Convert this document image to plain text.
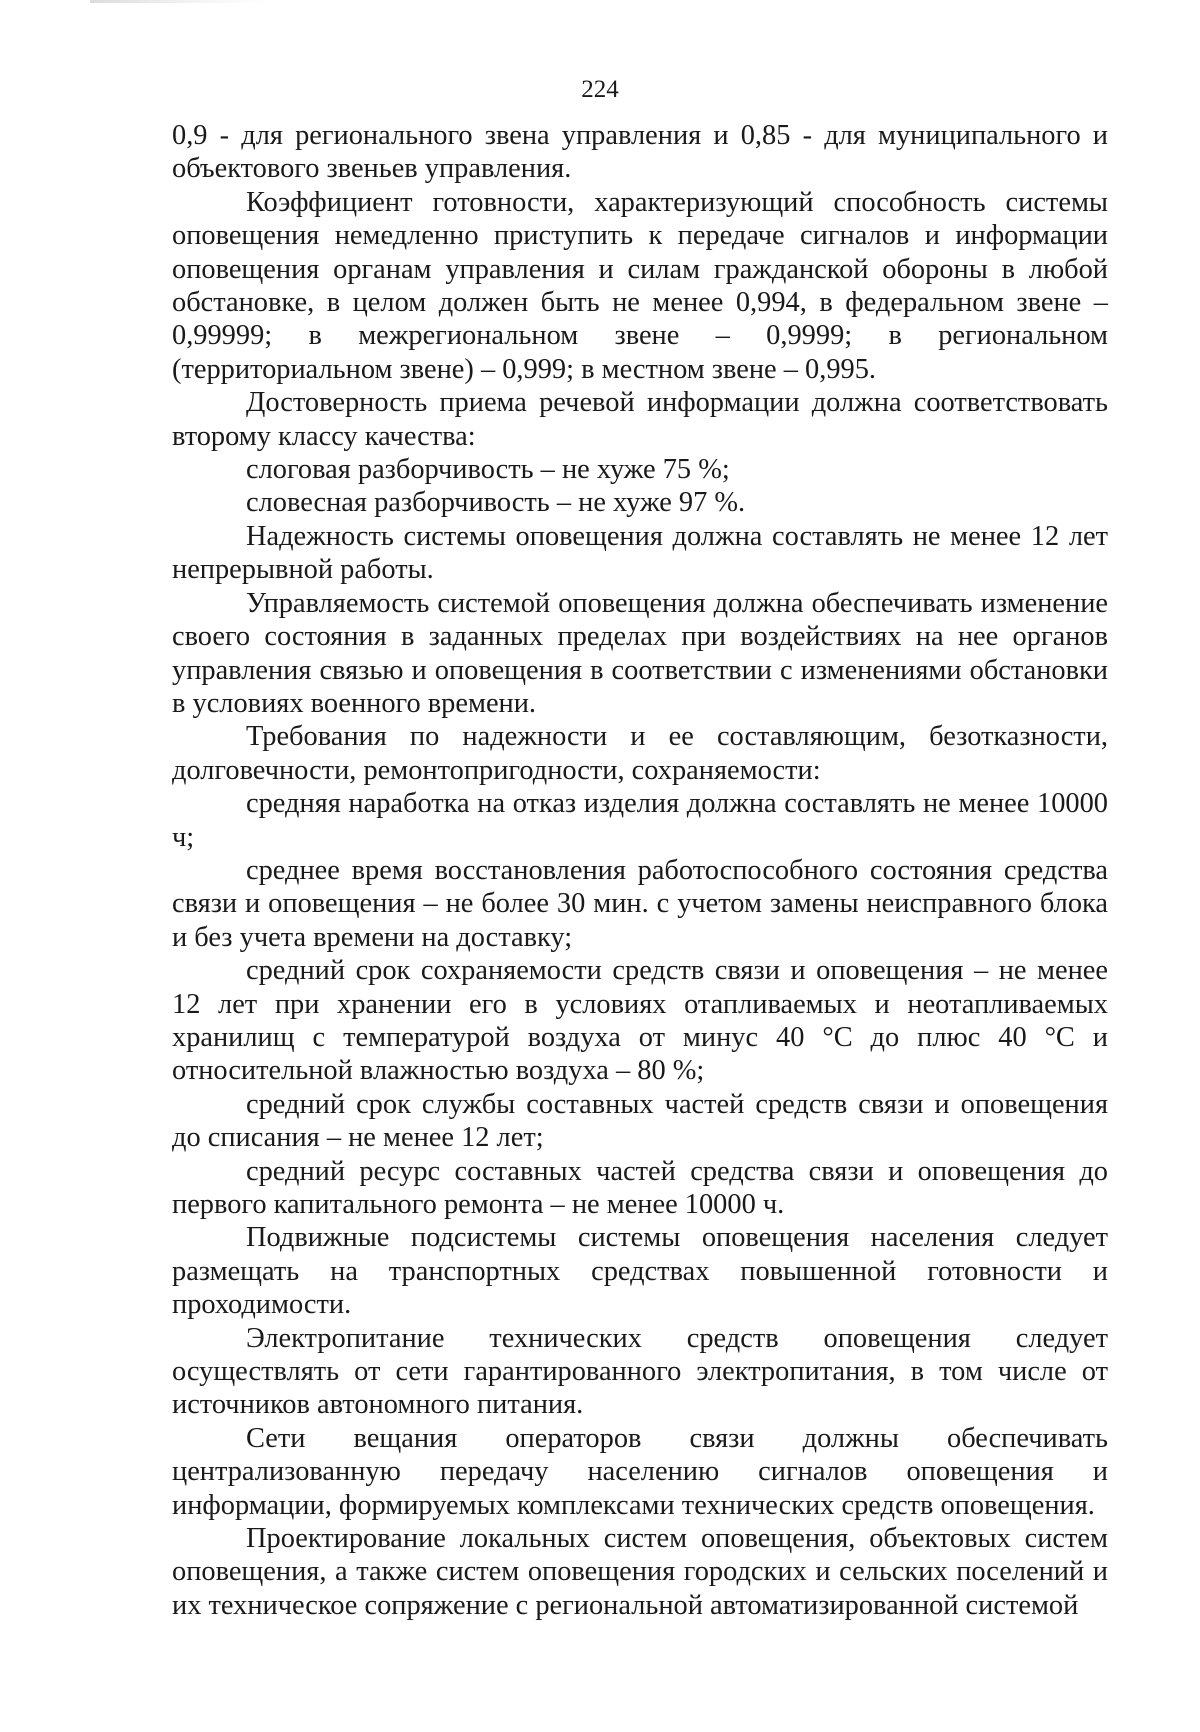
224

0,9 - для регионального звена управления и 0,85 - для муниципального и объектового звеньев управления.

Коэффициент готовности, характеризующий способность системы оповещения немедленно приступить к передаче сигналов и информации оповещения органам управления и силам гражданской обороны в любой обстановке, в целом должен быть не менее 0,994, в федеральном звене – 0,99999; в межрегиональном звене – 0,9999; в региональном (территориальном звене) – 0,999; в местном звене – 0,995.

Достоверность приема речевой информации должна соответствовать второму классу качества:

слоговая разборчивость – не хуже 75 %;

словесная разборчивость – не хуже 97 %.

Надежность системы оповещения должна составлять не менее 12 лет непрерывной работы.

Управляемость системой оповещения должна обеспечивать изменение своего состояния в заданных пределах при воздействиях на нее органов управления связью и оповещения в соответствии с изменениями обстановки в условиях военного времени.

Требования по надежности и ее составляющим, безотказности, долговечности, ремонтопригодности, сохраняемости:

средняя наработка на отказ изделия должна составлять не менее 10000 ч;

среднее время восстановления работоспособного состояния средства связи и оповещения – не более 30 мин. с учетом замены неисправного блока и без учета времени на доставку;

средний срок сохраняемости средств связи и оповещения – не менее 12 лет при хранении его в условиях отапливаемых и неотапливаемых хранилищ с температурой воздуха от минус 40 °С до плюс 40 °С и относительной влажностью воздуха – 80 %;

средний срок службы составных частей средств связи и оповещения до списания – не менее 12 лет;

средний ресурс составных частей средства связи и оповещения до первого капитального ремонта – не менее 10000 ч.

Подвижные подсистемы системы оповещения населения следует размещать на транспортных средствах повышенной готовности и проходимости.

Электропитание технических средств оповещения следует осуществлять от сети гарантированного электропитания, в том числе от источников автономного питания.

Сети вещания операторов связи должны обеспечивать централизованную передачу населению сигналов оповещения и информации, формируемых комплексами технических средств оповещения.

Проектирование локальных систем оповещения, объектовых систем оповещения, а также систем оповещения городских и сельских поселений и их техническое сопряжение с региональной автоматизированной системой
